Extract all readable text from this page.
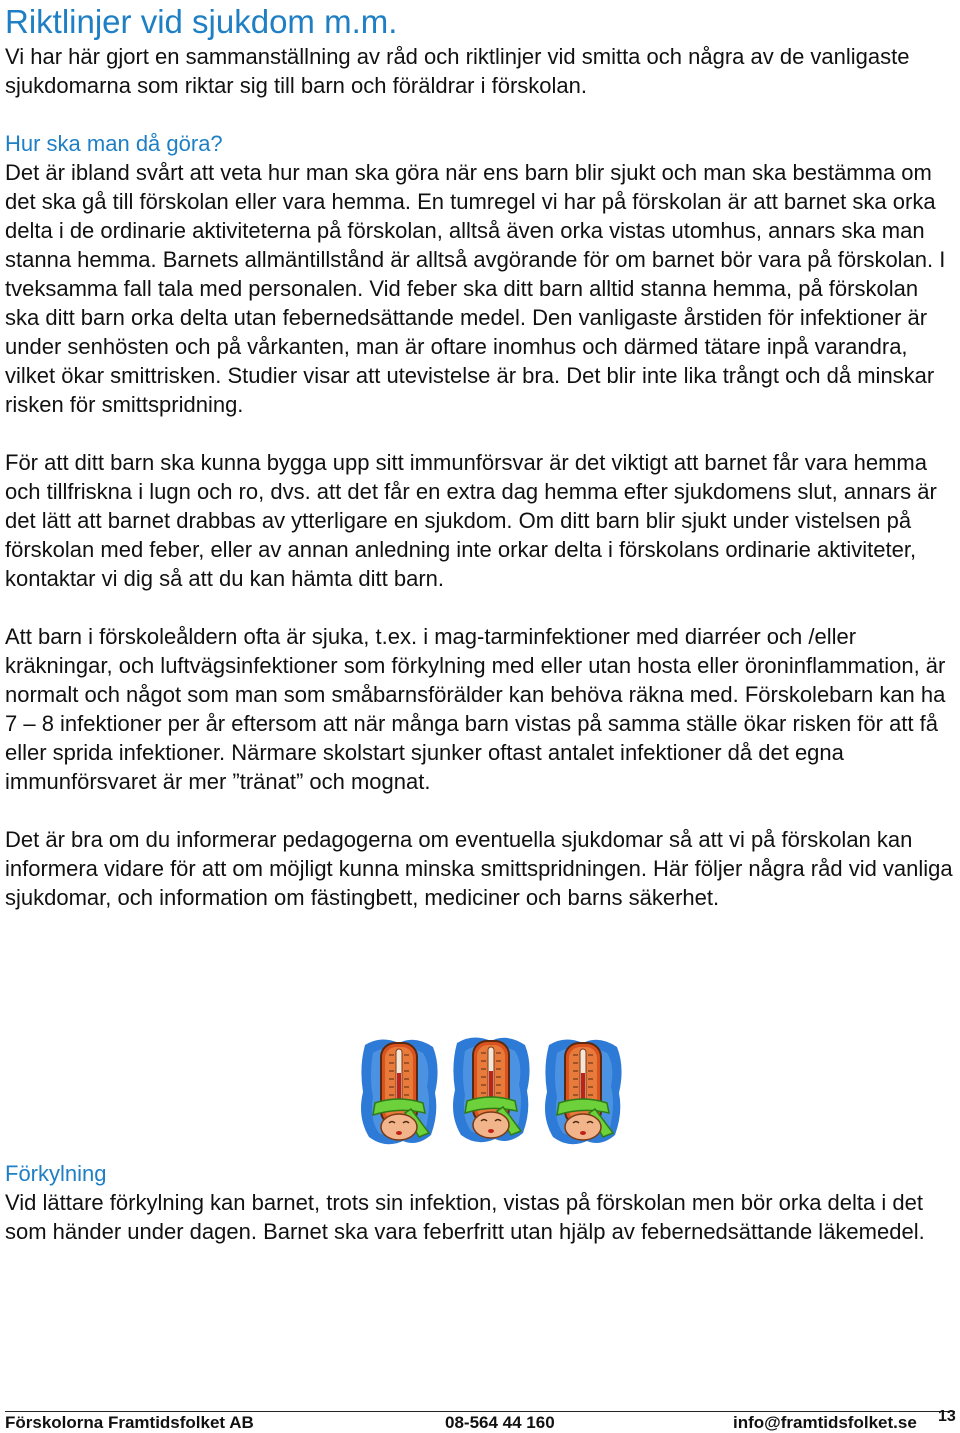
Riktlinjer vid sjukdom m.m.

Vi har här gjort en sammanställning av råd och riktlinjer vid smitta och några av de vanligaste sjukdomarna som riktar sig till barn och föräldrar i förskolan.

Hur ska man då göra?

Det är ibland svårt att veta hur man ska göra när ens barn blir sjukt och man ska bestämma om det ska gå till förskolan eller vara hemma. En tumregel vi har på förskolan är att barnet ska orka delta i de ordinarie aktiviteterna på förskolan, alltså även orka vistas utomhus, annars ska man stanna hemma. Barnets allmäntillstånd är alltså avgörande för om barnet bör vara på förskolan. I tveksamma fall tala med personalen. Vid feber ska ditt barn alltid stanna hemma, på förskolan ska ditt barn orka delta utan febernedsättande medel. Den vanligaste årstiden för infektioner är under senhösten och på vårkanten, man är oftare inomhus och därmed tätare inpå varandra, vilket ökar smittrisken. Studier visar att utevistelse är bra. Det blir inte lika trångt och då minskar risken för smittspridning.

För att ditt barn ska kunna bygga upp sitt immunförsvar är det viktigt att barnet får vara hemma och tillfriskna i lugn och ro, dvs. att det får en extra dag hemma efter sjukdomens slut, annars är det lätt att barnet drabbas av ytterligare en sjukdom. Om ditt barn blir sjukt under vistelsen på förskolan med feber, eller av annan anledning inte orkar delta i förskolans ordinarie aktiviteter, kontaktar vi dig så att du kan hämta ditt barn.

Att barn i förskoleåldern ofta är sjuka, t.ex. i mag-tarminfektioner med diarréer och /eller kräkningar, och luftvägsinfektioner som förkylning med eller utan hosta eller öroninflammation, är normalt och något som man som småbarnsförälder kan behöva räkna med. Förskolebarn kan ha 7 – 8 infektioner per år eftersom att när många barn vistas på samma ställe ökar risken för att få eller sprida infektioner. Närmare skolstart sjunker oftast antalet infektioner då det egna immunförsvaret är mer ”tränat” och mognat.

Det är bra om du informerar pedagogerna om eventuella sjukdomar så att vi på förskolan kan informera vidare för att om möjligt kunna minska smittspridningen. Här följer några råd vid vanliga sjukdomar, och information om fästingbett, mediciner och barns säkerhet.

Förkylning

Vid lättare förkylning kan barnet, trots sin infektion, vistas på förskolan men bör orka delta i det som händer under dagen. Barnet ska vara feberfritt utan hjälp av febernedsättande läkemedel.

Förskolorna Framtidsfolket AB	08-564 44 160	info@framtidsfolket.se 13
